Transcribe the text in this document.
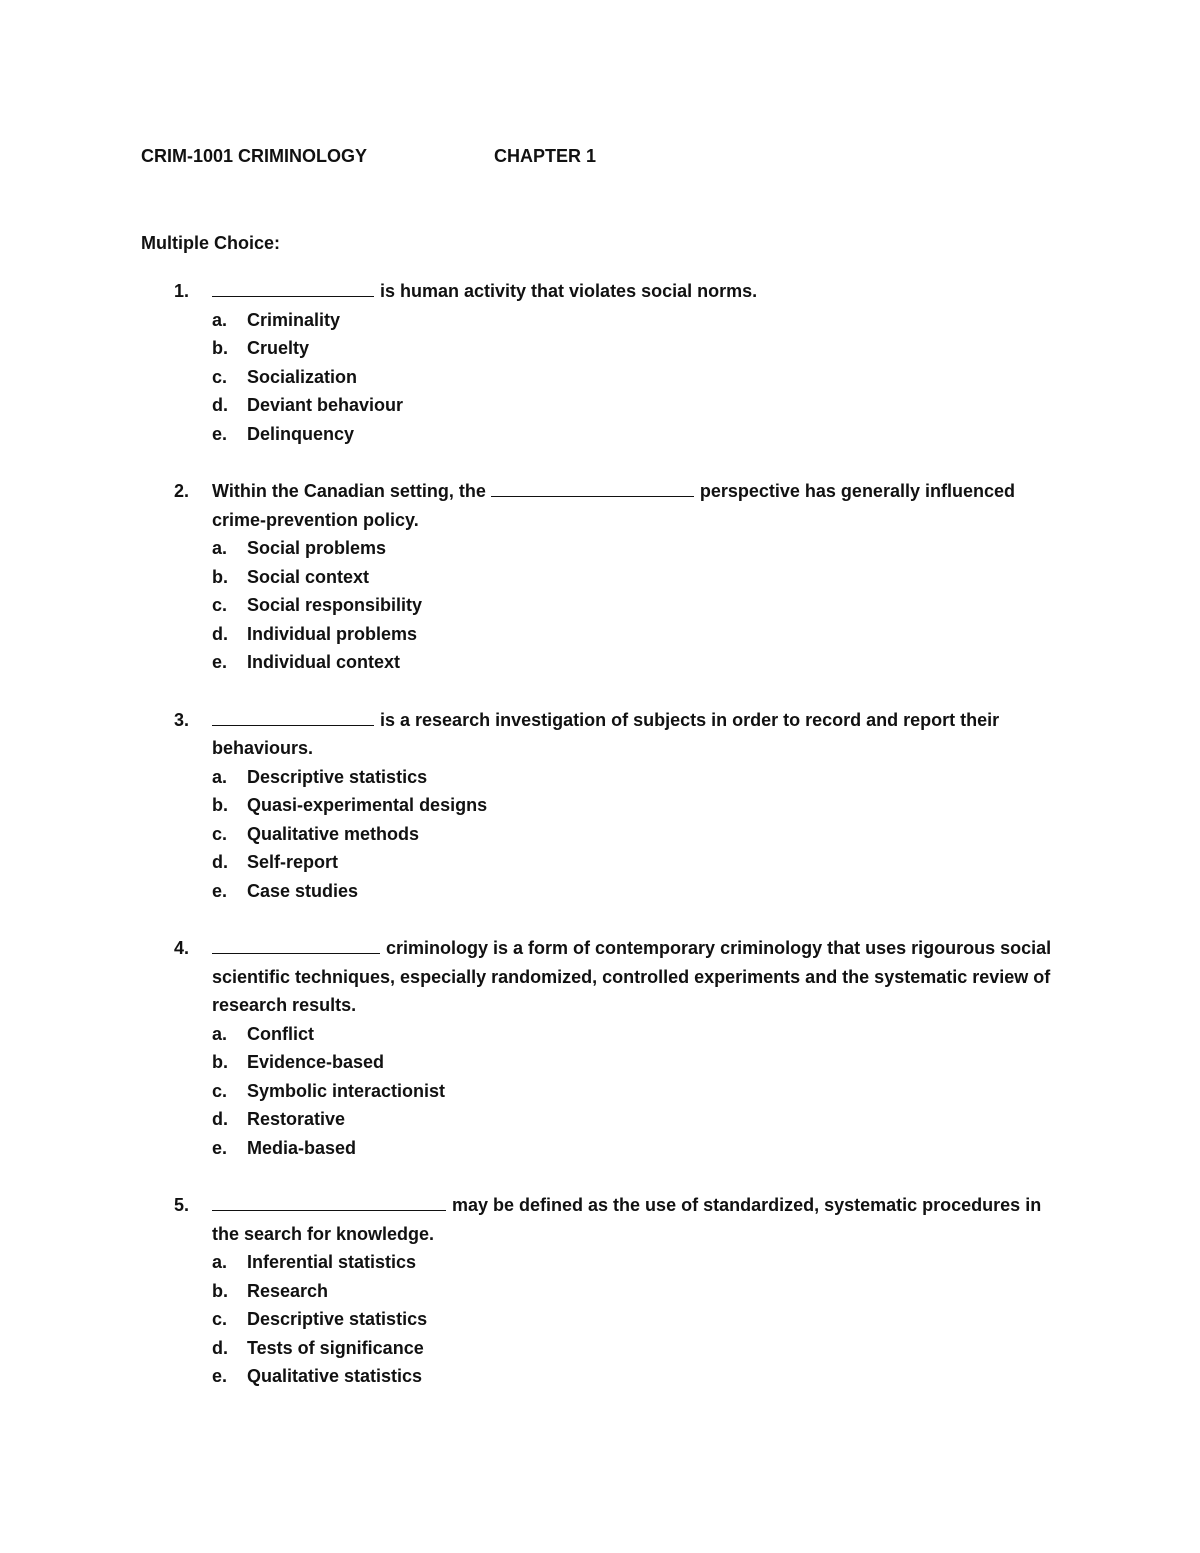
CRIM-1001 CRIMINOLOGY	CHAPTER 1
Multiple Choice:
1.	is human activity that violates social norms.
a. Criminality
b. Cruelty
c. Socialization
d. Deviant behaviour
e. Delinquency
2. Within the Canadian setting, the	perspective has generally influenced crime-prevention policy.
a. Social problems
b. Social context
c. Social responsibility
d. Individual problems
e. Individual context
3.	is a research investigation of subjects in order to record and report their behaviours.
a. Descriptive statistics
b. Quasi-experimental designs
c. Qualitative methods
d. Self-report
e. Case studies
4.	criminology is a form of contemporary criminology that uses rigourous social scientific techniques, especially randomized, controlled experiments and the systematic review of research results.
a. Conflict
b. Evidence-based
c. Symbolic interactionist
d. Restorative
e. Media-based
5.	may be defined as the use of standardized, systematic procedures in the search for knowledge.
a. Inferential statistics
b. Research
c. Descriptive statistics
d. Tests of significance
e. Qualitative statistics
